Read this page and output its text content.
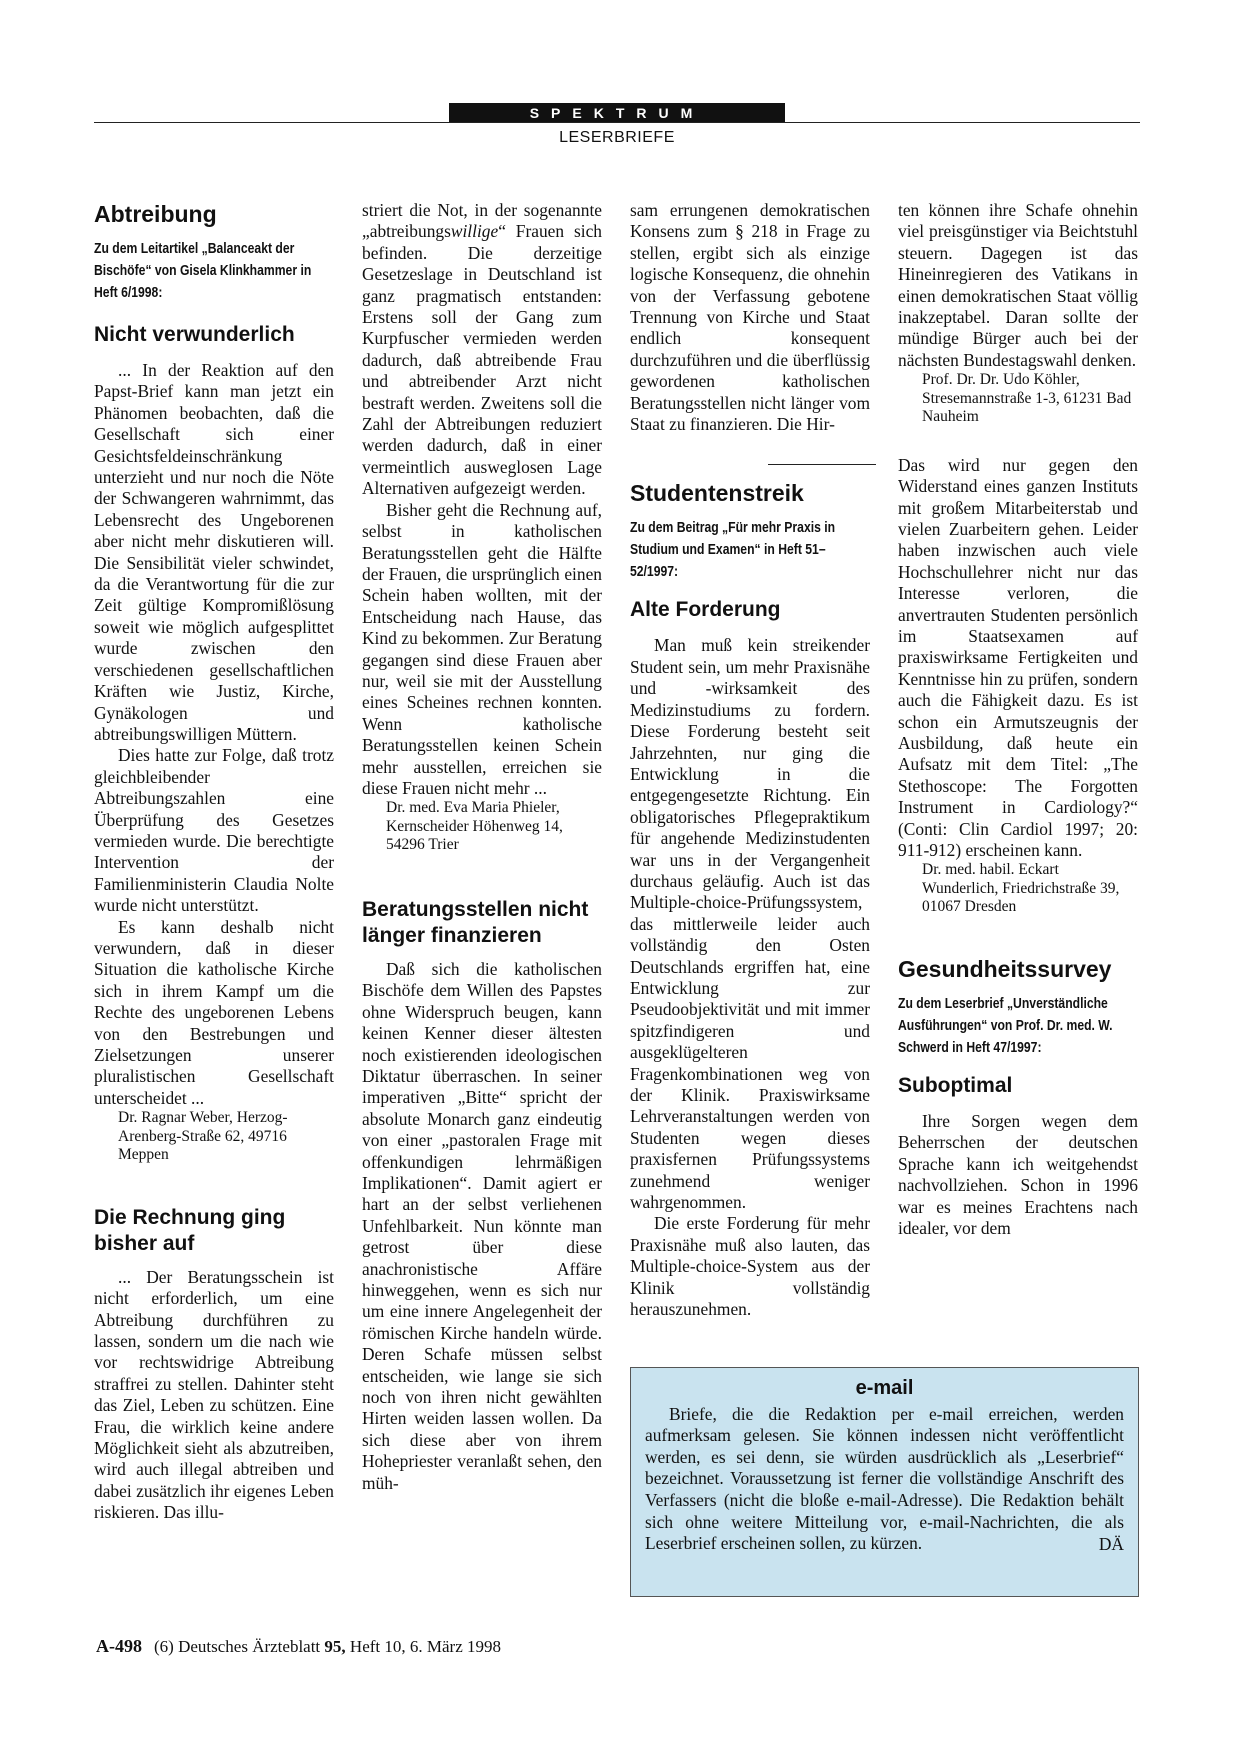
SPEKTRUM
LESERBRIEFE
Abtreibung

Zu dem Leitartikel „Balanceakt der Bischöfe“ von Gisela Klinkhammer in Heft 6/1998:

Nicht verwunderlich

... In der Reaktion auf den Papst-Brief kann man jetzt ein Phänomen beobachten, daß die Gesellschaft sich einer Gesichtsfeldeinschränkung unterzieht und nur noch die Nöte der Schwangeren wahrnimmt, das Lebensrecht des Ungeborenen aber nicht mehr diskutieren will. Die Sensibilität vieler schwindet, da die Verantwortung für die zur Zeit gültige Kompromißlösung soweit wie möglich aufgesplittet wurde zwischen den verschiedenen gesellschaftlichen Kräften wie Justiz, Kirche, Gynäkologen und abtreibungswilligen Müttern.

Dies hatte zur Folge, daß trotz gleichbleibender Abtreibungszahlen eine Überprüfung des Gesetzes vermieden wurde. Die berechtigte Intervention der Familienministerin Claudia Nolte wurde nicht unterstützt.

Es kann deshalb nicht verwundern, daß in dieser Situation die katholische Kirche sich in ihrem Kampf um die Rechte des ungeborenen Lebens von den Bestrebungen und Zielsetzungen unserer pluralistischen Gesellschaft unterscheidet ...

Dr. Ragnar Weber, Herzog-Arenberg-Straße 62, 49716 Meppen

Die Rechnung ging bisher auf

... Der Beratungsschein ist nicht erforderlich, um eine Abtreibung durchführen zu lassen, sondern um die nach wie vor rechtswidrige Abtreibung straffrei zu stellen. Dahinter steht das Ziel, Leben zu schützen. Eine Frau, die wirklich keine andere Möglichkeit sieht als abzutreiben, wird auch illegal abtreiben und dabei zusätzlich ihr eigenes Leben riskieren. Das illu-

striert die Not, in der sogenannte „abtreibungswillige“ Frauen sich befinden. Die derzeitige Gesetzeslage in Deutschland ist ganz pragmatisch entstanden: Erstens soll der Gang zum Kurpfuscher vermieden werden dadurch, daß abtreibende Frau und abtreibender Arzt nicht bestraft werden. Zweitens soll die Zahl der Abtreibungen reduziert werden dadurch, daß in einer vermeintlich ausweglosen Lage Alternativen aufgezeigt werden.

Bisher geht die Rechnung auf, selbst in katholischen Beratungsstellen geht die Hälfte der Frauen, die ursprünglich einen Schein haben wollten, mit der Entscheidung nach Hause, das Kind zu bekommen. Zur Beratung gegangen sind diese Frauen aber nur, weil sie mit der Ausstellung eines Scheines rechnen konnten. Wenn katholische Beratungsstellen keinen Schein mehr ausstellen, erreichen sie diese Frauen nicht mehr ...

Dr. med. Eva Maria Phieler, Kernscheider Höhenweg 14, 54296 Trier

Beratungsstellen nicht länger finanzieren

Daß sich die katholischen Bischöfe dem Willen des Papstes ohne Widerspruch beugen, kann keinen Kenner dieser ältesten noch existierenden ideologischen Diktatur überraschen. In seiner imperativen „Bitte“ spricht der absolute Monarch ganz eindeutig von einer „pastoralen Frage mit offenkundigen lehrmäßigen Implikationen“. Damit agiert er hart an der selbst verliehenen Unfehlbarkeit. Nun könnte man getrost über diese anachronistische Affäre hinweggehen, wenn es sich nur um eine innere Angelegenheit der römischen Kirche handeln würde. Deren Schafe müssen selbst entscheiden, wie lange sie sich noch von ihren nicht gewählten Hirten weiden lassen wollen. Da sich diese aber von ihrem Hohepriester veranlaßt sehen, den müh-

sam errungenen demokratischen Konsens zum § 218 in Frage zu stellen, ergibt sich als einzige logische Konsequenz, die ohnehin von der Verfassung gebotene Trennung von Kirche und Staat endlich konsequent durchzuführen und die überflüssig gewordenen katholischen Beratungsstellen nicht länger vom Staat zu finanzieren. Die Hir-

Studentenstreik

Zu dem Beitrag „Für mehr Praxis in Studium und Examen“ in Heft 51–52/1997:

Alte Forderung

Man muß kein streikender Student sein, um mehr Praxisnähe und -wirksamkeit des Medizinstudiums zu fordern. Diese Forderung besteht seit Jahrzehnten, nur ging die Entwicklung in die entgegengesetzte Richtung. Ein obligatorisches Pflegepraktikum für angehende Medizinstudenten war uns in der Vergangenheit durchaus geläufig. Auch ist das Multiple-choice-Prüfungssystem, das mittlerweile leider auch vollständig den Osten Deutschlands ergriffen hat, eine Entwicklung zur Pseudoobjektivität und mit immer spitzfindigeren und ausgeklügelteren Fragenkombinationen weg von der Klinik. Praxiswirksame Lehrveranstaltungen werden von Studenten wegen dieses praxisfernen Prüfungssystems zunehmend weniger wahrgenommen.

Die erste Forderung für mehr Praxisnähe muß also lauten, das Multiple-choice-System aus der Klinik vollständig herauszunehmen.

ten können ihre Schafe ohnehin viel preisgünstiger via Beichtstuhl steuern. Dagegen ist das Hineinregieren des Vatikans in einen demokratischen Staat völlig inakzeptabel. Daran sollte der mündige Bürger auch bei der nächsten Bundestagswahl denken.

Prof. Dr. Dr. Udo Köhler, Stresemannstraße 1-3, 61231 Bad Nauheim

Das wird nur gegen den Widerstand eines ganzen Instituts mit großem Mitarbeiterstab und vielen Zuarbeitern gehen. Leider haben inzwischen auch viele Hochschullehrer nicht nur das Interesse verloren, die anvertrauten Studenten persönlich im Staatsexamen auf praxiswirksame Fertigkeiten und Kenntnisse hin zu prüfen, sondern auch die Fähigkeit dazu. Es ist schon ein Armutszeugnis der Ausbildung, daß heute ein Aufsatz mit dem Titel: „The Stethoscope: The Forgotten Instrument in Cardiology?“ (Conti: Clin Cardiol 1997; 20: 911-912) erscheinen kann.

Dr. med. habil. Eckart Wunderlich, Friedrichstraße 39, 01067 Dresden

Gesundheitssurvey

Zu dem Leserbrief „Unverständliche Ausführungen“ von Prof. Dr. med. W. Schwerd in Heft 47/1997:

Suboptimal

Ihre Sorgen wegen dem Beherrschen der deutschen Sprache kann ich weitgehendst nachvollziehen. Schon in 1996 war es meines Erachtens nach idealer, vor dem

e-mail

Briefe, die die Redaktion per e-mail erreichen, werden aufmerksam gelesen. Sie können indessen nicht veröffentlicht werden, es sei denn, sie würden ausdrücklich als „Leserbrief“ bezeichnet. Voraussetzung ist ferner die vollständige Anschrift des Verfassers (nicht die bloße e-mail-Adresse). Die Redaktion behält sich ohne weitere Mitteilung vor, e-mail-Nachrichten, die als Leserbrief erscheinen sollen, zu kürzen.	DÄ
A-498 (6) Deutsches Ärzteblatt 95, Heft 10, 6. März 1998
